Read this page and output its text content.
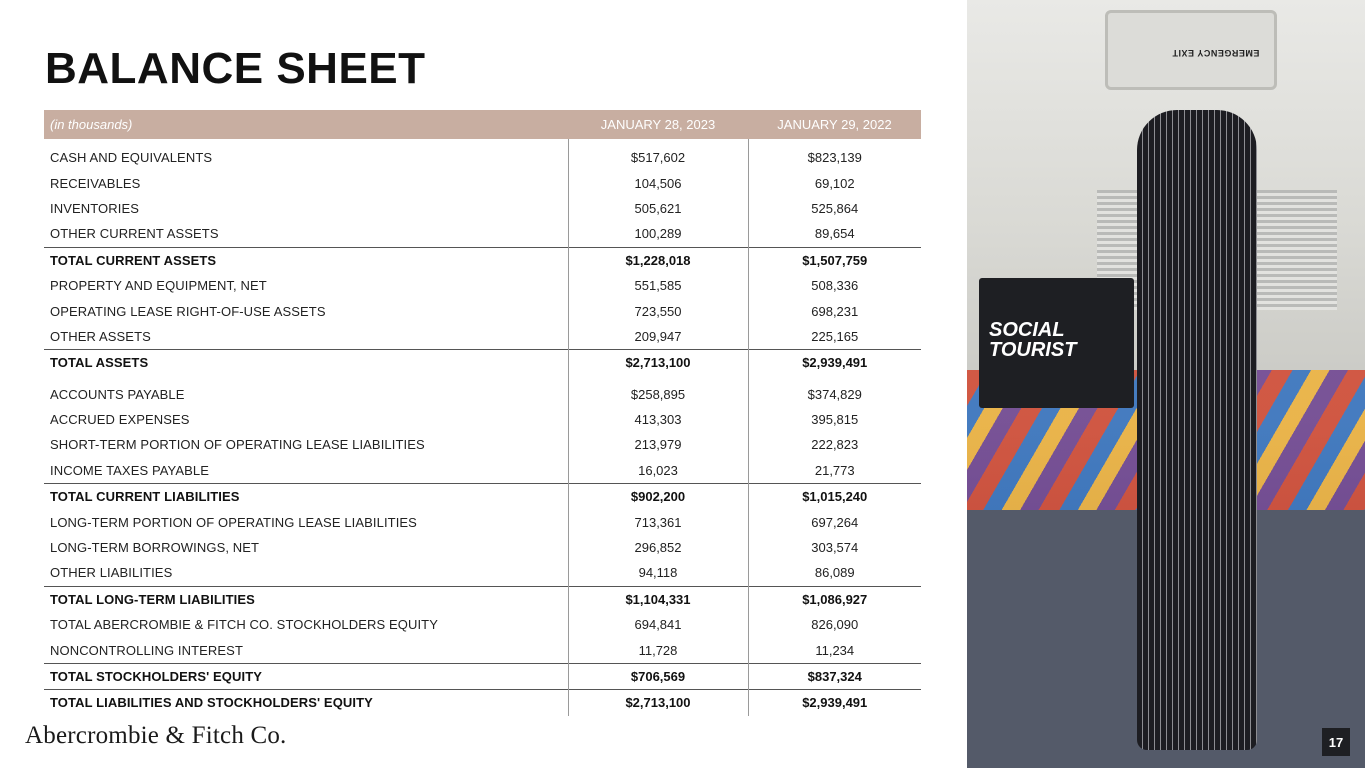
BALANCE SHEET
(in thousands)	JANUARY 28, 2023	JANUARY 29, 2022
CASH AND EQUIVALENTS	$517,602	$823,139
RECEIVABLES	104,506	69,102
INVENTORIES	505,621	525,864
OTHER CURRENT ASSETS	100,289	89,654
TOTAL CURRENT ASSETS	$1,228,018	$1,507,759
PROPERTY AND EQUIPMENT, NET	551,585	508,336
OPERATING LEASE RIGHT-OF-USE ASSETS	723,550	698,231
OTHER ASSETS	209,947	225,165
TOTAL ASSETS	$2,713,100	$2,939,491
ACCOUNTS PAYABLE	$258,895	$374,829
ACCRUED EXPENSES	413,303	395,815
SHORT-TERM PORTION OF OPERATING LEASE LIABILITIES	213,979	222,823
INCOME TAXES PAYABLE	16,023	21,773
TOTAL CURRENT LIABILITIES	$902,200	$1,015,240
LONG-TERM PORTION OF OPERATING LEASE LIABILITIES	713,361	697,264
LONG-TERM BORROWINGS, NET	296,852	303,574
OTHER LIABILITIES	94,118	86,089
TOTAL LONG-TERM LIABILITIES	$1,104,331	$1,086,927
TOTAL ABERCROMBIE & FITCH CO. STOCKHOLDERS EQUITY	694,841	826,090
NONCONTROLLING INTEREST	11,728	11,234
TOTAL STOCKHOLDERS' EQUITY	$706,569	$837,324
TOTAL LIABILITIES AND STOCKHOLDERS' EQUITY	$2,713,100	$2,939,491
Abercrombie & Fitch Co.
EMERGENCY EXIT
SOCIAL
TOURIST
17
